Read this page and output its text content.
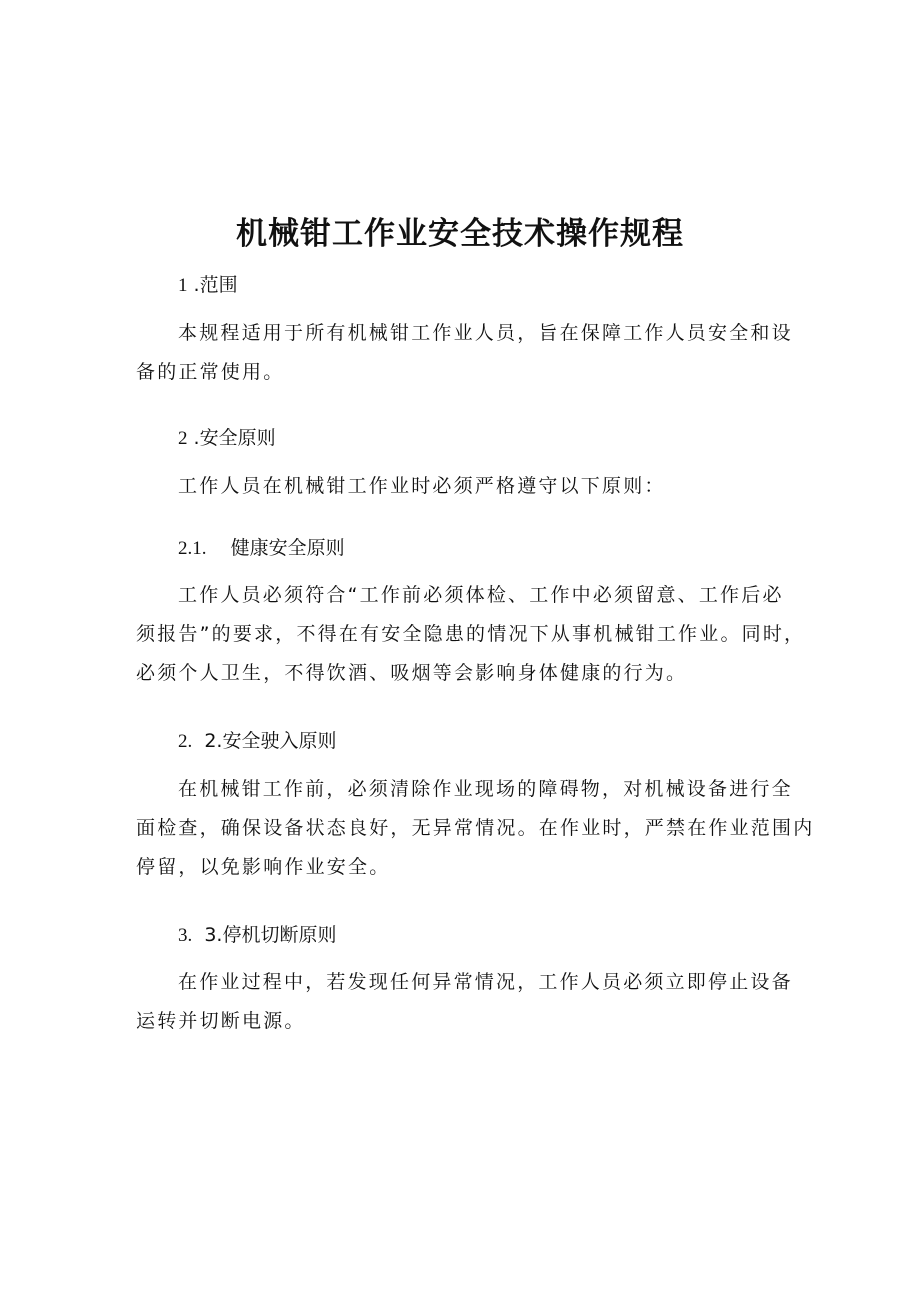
机械钳工作业安全技术操作规程
1 .范围
本规程适用于所有机械钳工作业人员，旨在保障工作人员安全和设
备的正常使用。
2 .安全原则
工作人员在机械钳工作业时必须严格遵守以下原则：
2.1.    健康安全原则
工作人员必须符合“工作前必须体检、工作中必须留意、工作后必
须报告”的要求，不得在有安全隐患的情况下从事机械钳工作业。同时，
必须个人卫生，不得饮酒、吸烟等会影响身体健康的行为。
2.  2.安全驶入原则
在机械钳工作前，必须清除作业现场的障碍物，对机械设备进行全
面检查，确保设备状态良好，无异常情况。在作业时，严禁在作业范围内
停留，以免影响作业安全。
3.  3.停机切断原则
在作业过程中，若发现任何异常情况，工作人员必须立即停止设备
运转并切断电源。
